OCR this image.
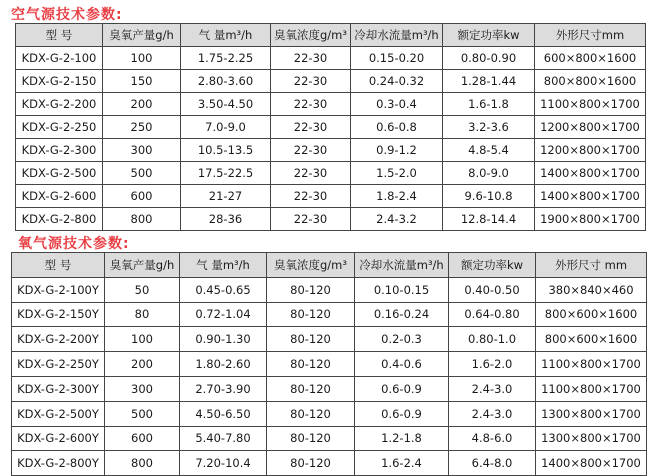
空气源技术参数:
型 号	臭氧产量g/h	气 量m³/h	臭氧浓度g/m³	冷却水流量m³/h	额定功率kw	外形尺寸mm
KDX-G-2-100	100	1.75-2.25	22-30	0.15-0.20	0.80-0.90	600×800×1600
KDX-G-2-150	150	2.80-3.60	22-30	0.24-0.32	1.28-1.44	800×800×1600
KDX-G-2-200	200	3.50-4.50	22-30	0.3-0.4	1.6-1.8	1100×800×1700
KDX-G-2-250	250	7.0-9.0	22-30	0.6-0.8	3.2-3.6	1200×800×1700
KDX-G-2-300	300	10.5-13.5	22-30	0.9-1.2	4.8-5.4	1200×800×1700
KDX-G-2-500	500	17.5-22.5	22-30	1.5-2.0	8.0-9.0	1400×800×1700
KDX-G-2-600	600	21-27	22-30	1.8-2.4	9.6-10.8	1400×800×1700
KDX-G-2-800	800	28-36	22-30	2.4-3.2	12.8-14.4	1900×800×1700
氧气源技术参数:
型 号	臭氧产量g/h	气 量m³/h	臭氧浓度g/m³	冷却水流量m³/h	额定功率kw	外形尺寸 mm
KDX-G-2-100Y	50	0.45-0.65	80-120	0.10-0.15	0.40-0.50	380×840×460
KDX-G-2-150Y	80	0.72-1.04	80-120	0.16-0.24	0.64-0.80	800×600×1600
KDX-G-2-200Y	100	0.90-1.30	80-120	0.2-0.3	0.80-1.0	800×600×1600
KDX-G-2-250Y	200	1.80-2.60	80-120	0.4-0.6	1.6-2.0	1100×800×1700
KDX-G-2-300Y	300	2.70-3.90	80-120	0.6-0.9	2.4-3.0	1100×800×1700
KDX-G-2-500Y	500	4.50-6.50	80-120	0.6-0.9	2.4-3.0	1300×800×1700
KDX-G-2-600Y	600	5.40-7.80	80-120	1.2-1.8	4.8-6.0	1300×800×1700
KDX-G-2-800Y	800	7.20-10.4	80-120	1.6-2.4	6.4-8.0	1400×800×1700
